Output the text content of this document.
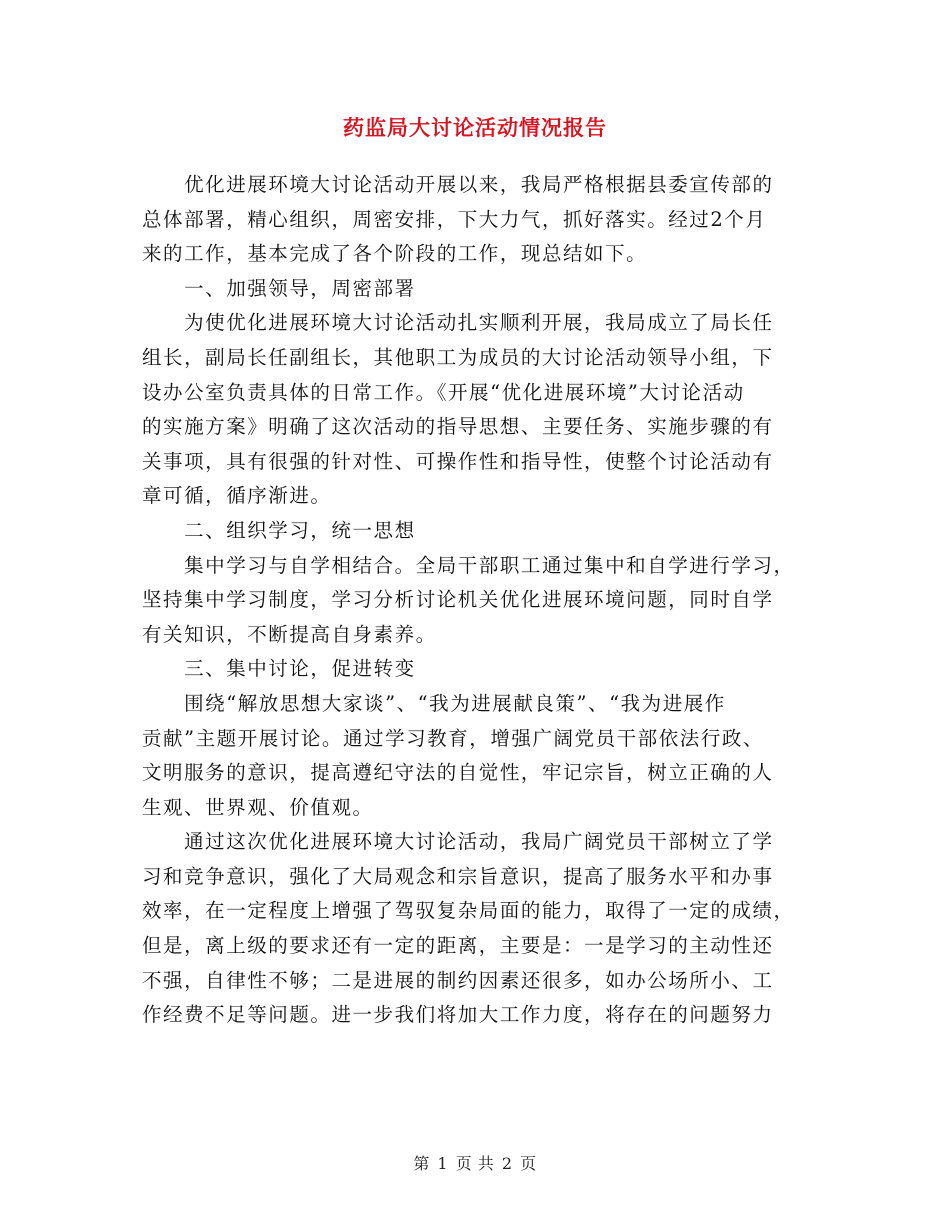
药监局大讨论活动情况报告
　　优化进展环境大讨论活动开展以来，我局严格根据县委宣传部的
总体部署，精心组织，周密安排，下大力气，抓好落实。经过2个月
来的工作，基本完成了各个阶段的工作，现总结如下。
　　一、加强领导，周密部署
　　为使优化进展环境大讨论活动扎实顺利开展，我局成立了局长任
组长，副局长任副组长，其他职工为成员的大讨论活动领导小组，下
设办公室负责具体的日常工作。《开展“优化进展环境”大讨论活动
的实施方案》明确了这次活动的指导思想、主要任务、实施步骤的有
关事项，具有很强的针对性、可操作性和指导性，使整个讨论活动有
章可循，循序渐进。
　　二、组织学习，统一思想
　　集中学习与自学相结合。全局干部职工通过集中和自学进行学习，
坚持集中学习制度，学习分析讨论机关优化进展环境问题，同时自学
有关知识，不断提高自身素养。
　　三、集中讨论，促进转变
　　围绕“解放思想大家谈”、“我为进展献良策”、“我为进展作
贡献”主题开展讨论。通过学习教育，增强广阔党员干部依法行政、
文明服务的意识，提高遵纪守法的自觉性，牢记宗旨，树立正确的人
生观、世界观、价值观。
　　通过这次优化进展环境大讨论活动，我局广阔党员干部树立了学
习和竞争意识，强化了大局观念和宗旨意识，提高了服务水平和办事
效率，在一定程度上增强了驾驭复杂局面的能力，取得了一定的成绩，
但是，离上级的要求还有一定的距离，主要是：一是学习的主动性还
不强，自律性不够；二是进展的制约因素还很多，如办公场所小、工
作经费不足等问题。进一步我们将加大工作力度，将存在的问题努力
第 1 页 共 2 页
